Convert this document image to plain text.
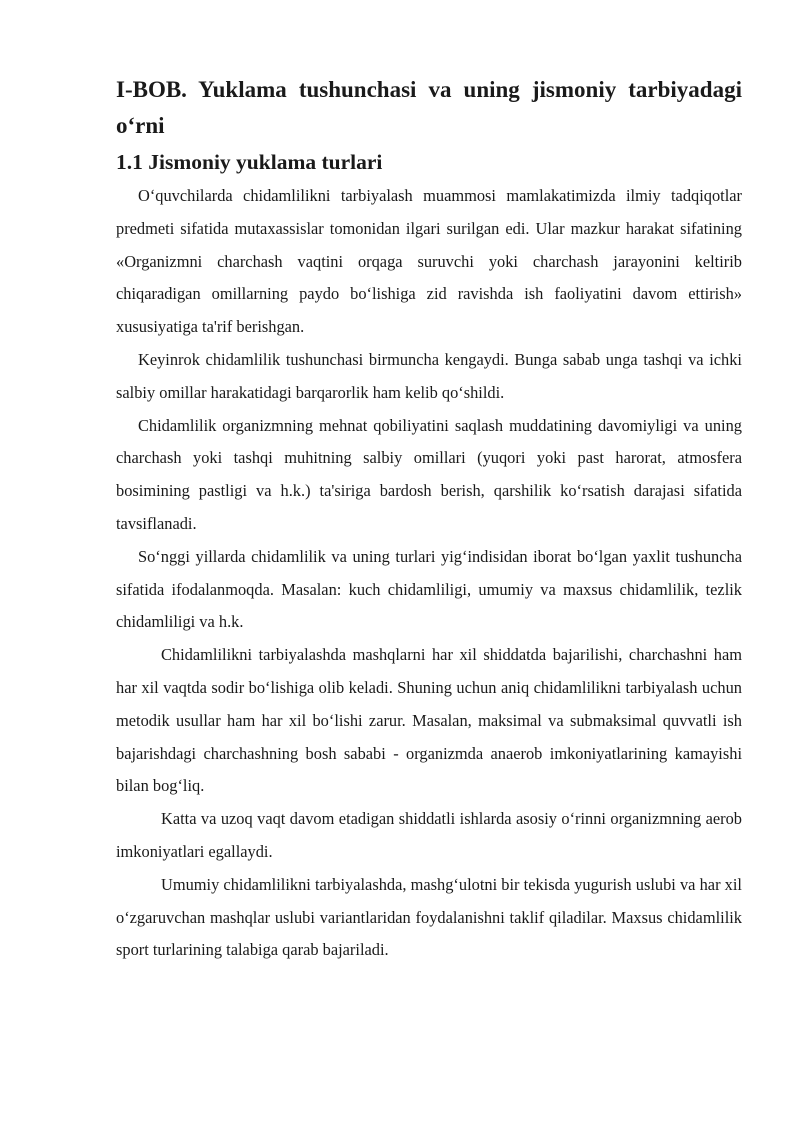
I-BOB. Yuklama tushunchasi va uning jismoniy tarbiyadagi o‘rni
1.1 Jismoniy yuklama turlari

O‘quvchilarda chidamlilikni tarbiyalash muammosi mamlakatimizda ilmiy tadqiqotlar predmeti sifatida mutaxassislar tomonidan ilgari surilgan edi. Ular mazkur harakat sifatining «Organizmni charchash vaqtini orqaga suruvchi yoki charchash jarayonini keltirib chiqaradigan omillarning paydo bo‘lishiga zid ravishda ish faoliyatini davom ettirish» xususiyatiga ta'rif berishgan.

Keyinrok chidamlilik tushunchasi birmuncha kengaydi. Bunga sabab unga tashqi va ichki salbiy omillar harakatidagi barqarorlik ham kelib qo‘shildi.

Chidamlilik organizmning mehnat qobiliyatini saqlash muddatining davomiyligi va uning charchash yoki tashqi muhitning salbiy omillari (yuqori yoki past harorat, atmosfera bosimining pastligi va h.k.) ta'siriga bardosh berish, qarshilik ko‘rsatish darajasi sifatida tavsiflanadi.

So‘nggi yillarda chidamlilik va uning turlari yig‘indisidan iborat bo‘lgan yaxlit tushuncha sifatida ifodalanmoqda. Masalan: kuch chidamliligi, umumiy va maxsus chidamlilik, tezlik chidamliligi va h.k.

Chidamlilikni tarbiyalashda mashqlarni har xil shiddatda bajarilishi, charchashni ham har xil vaqtda sodir bo‘lishiga olib keladi. Shuning uchun aniq chidamlilikni tarbiyalash uchun metodik usullar ham har xil bo‘lishi zarur. Masalan, maksimal va submaksimal quvvatli ish bajarishdagi charchashning bosh sababi - organizmda anaerob imkoniyatlarining kamayishi bilan bog‘liq.

Katta va uzoq vaqt davom etadigan shiddatli ishlarda asosiy o‘rinni organizmning aerob imkoniyatlari egallaydi.

Umumiy chidamlilikni tarbiyalashda, mashg‘ulotni bir tekisda yugurish uslubi va har xil o‘zgaruvchan mashqlar uslubi variantlaridan foydalanishni taklif qiladilar. Maxsus chidamlilik sport turlarining talabiga qarab bajariladi.
